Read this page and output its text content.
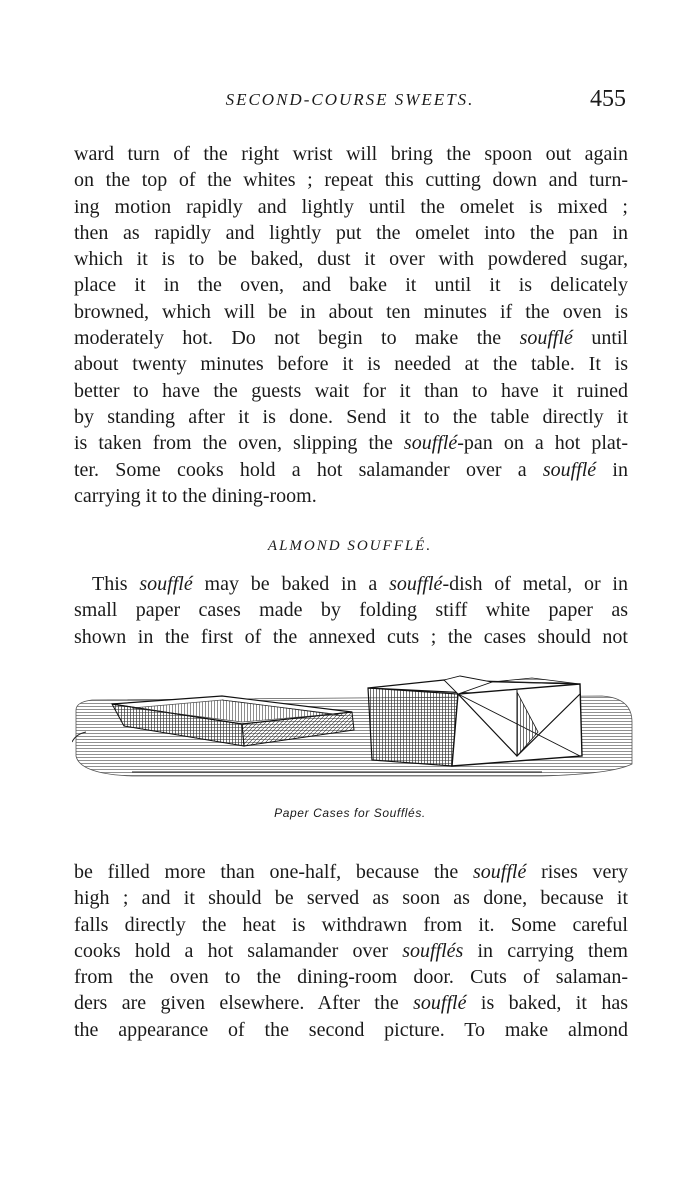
SECOND-COURSE SWEETS.	455
ward turn of the right wrist will bring the spoon out again
on the top of the whites ; repeat this cutting down and turn-
ing motion rapidly and lightly until the omelet is mixed ;
then as rapidly and lightly put the omelet into the pan in
which it is to be baked, dust it over with powdered sugar,
place it in the oven, and bake it until it is delicately
browned, which will be in about ten minutes if the oven is
moderately hot. Do not begin to make the soufflé until
about twenty minutes before it is needed at the table. It is
better to have the guests wait for it than to have it ruined
by standing after it is done. Send it to the table directly it
is taken from the oven, slipping the soufflé-pan on a hot plat-
ter. Some cooks hold a hot salamander over a soufflé in
carrying it to the dining-room.
ALMOND SOUFFLÉ.
This soufflé may be baked in a soufflé-dish of metal, or in
small paper cases made by folding stiff white paper as
shown in the first of the annexed cuts ; the cases should not
Paper Cases for Soufflés.
be filled more than one-half, because the soufflé rises very
high ; and it should be served as soon as done, because it
falls directly the heat is withdrawn from it. Some careful
cooks hold a hot salamander over soufflés in carrying them
from the oven to the dining-room door. Cuts of salaman-
ders are given elsewhere. After the soufflé is baked, it has
the appearance of the second picture. To make almond
